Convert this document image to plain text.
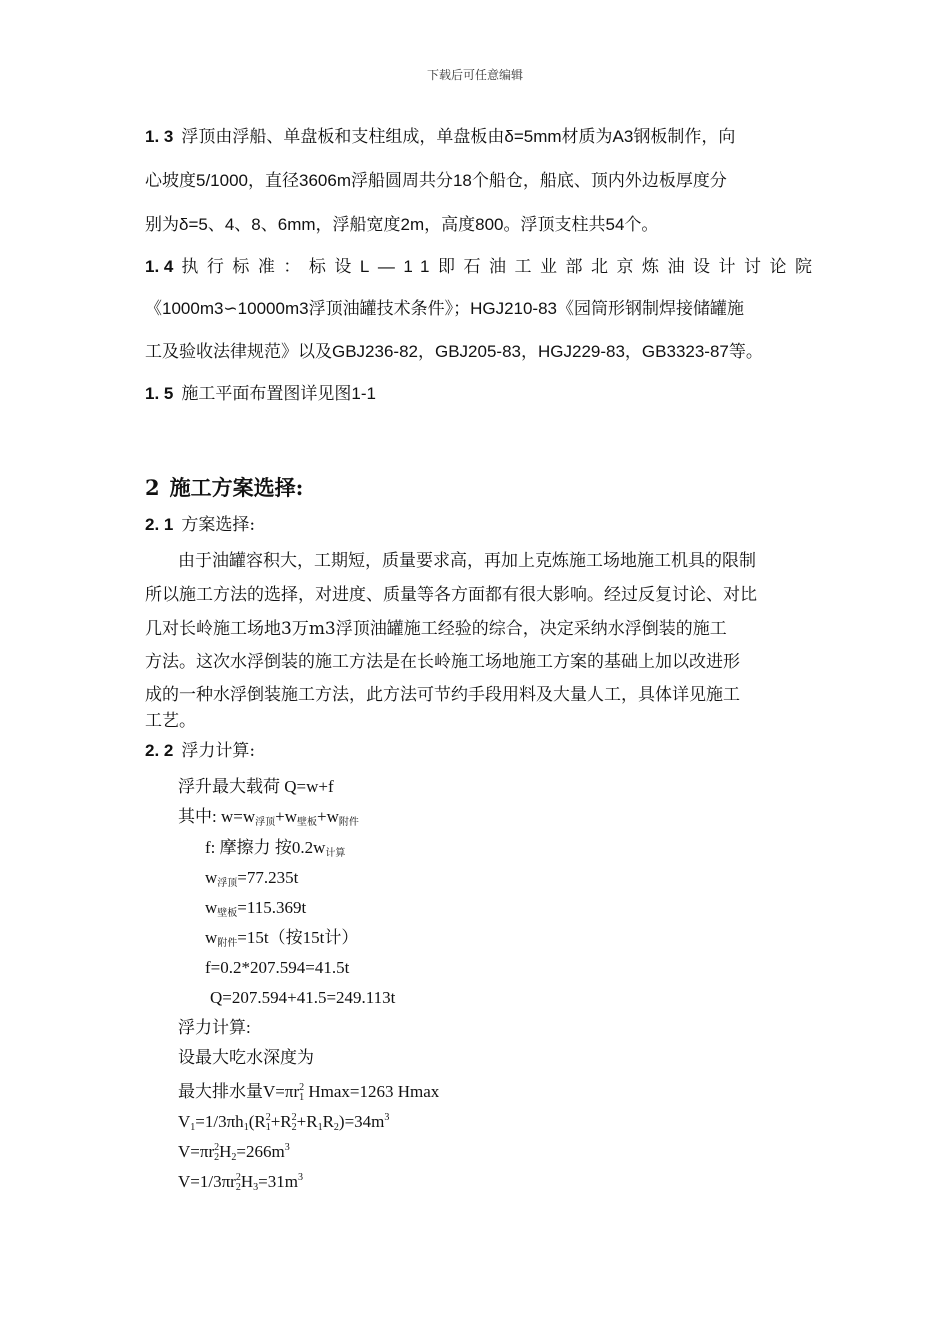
下载后可任意编辑
1. 3 浮顶由浮船、单盘板和支柱组成，单盘板由δ=5mm材质为A3钢板制作，向
心坡度5/1000，直径3606m浮船圆周共分18个船仓，船底、顶内外边板厚度分
别为δ=5、4、8、6mm，浮船宽度2m，高度800。浮顶支柱共54个。
1. 4 执行标准：标设L—11即石油工业部北京炼油设计讨论院
《1000m3∽10000m3浮顶油罐技术条件》；HGJ210-83《园筒形钢制焊接储罐施
工及验收法律规范》以及GBJ236-82，GBJ205-83，HGJ229-83，GB3323-87等。
1. 5 施工平面布置图详见图1-1
2 施工方案选择:
2. 1 方案选择:
由于油罐容积大，工期短，质量要求高，再加上克炼施工场地施工机具的限制
所以施工方法的选择，对进度、质量等各方面都有很大影响。经过反复讨论、对比
几对长岭施工场地3万m3浮顶油罐施工经验的综合，决定采纳水浮倒装的施工
方法。这次水浮倒装的施工方法是在长岭施工场地施工方案的基础上加以改进形
成的一种水浮倒装施工方法，此方法可节约手段用料及大量人工，具体详见施工
工艺。
2. 2 浮力计算:
浮升最大载荷 Q=w+f
其中: $w=w_{浮顶}+w_{壁板}+w_{附件}$
f: 摩擦力 按$0.2w_{计算}$
$w_{浮顶}=77.235t$
$w_{壁板}=115.369t$
$w_{附件}=15t$（按15t计）
f=0.2*207.594=41.5t
Q=207.594+41.5=249.113t
浮力计算:
设最大吃水深度为
最大排水量$V=\pi r_1^2$ Hmax=1263 Hmax
$V_1=1/3\pi h_1(R_1^2+R_2^2+R_1R_2)=34m^3$
$V=\pi r_2^2H_2=266m^3$
$V=1/3\pi r_2^2H_3=31m^3$
